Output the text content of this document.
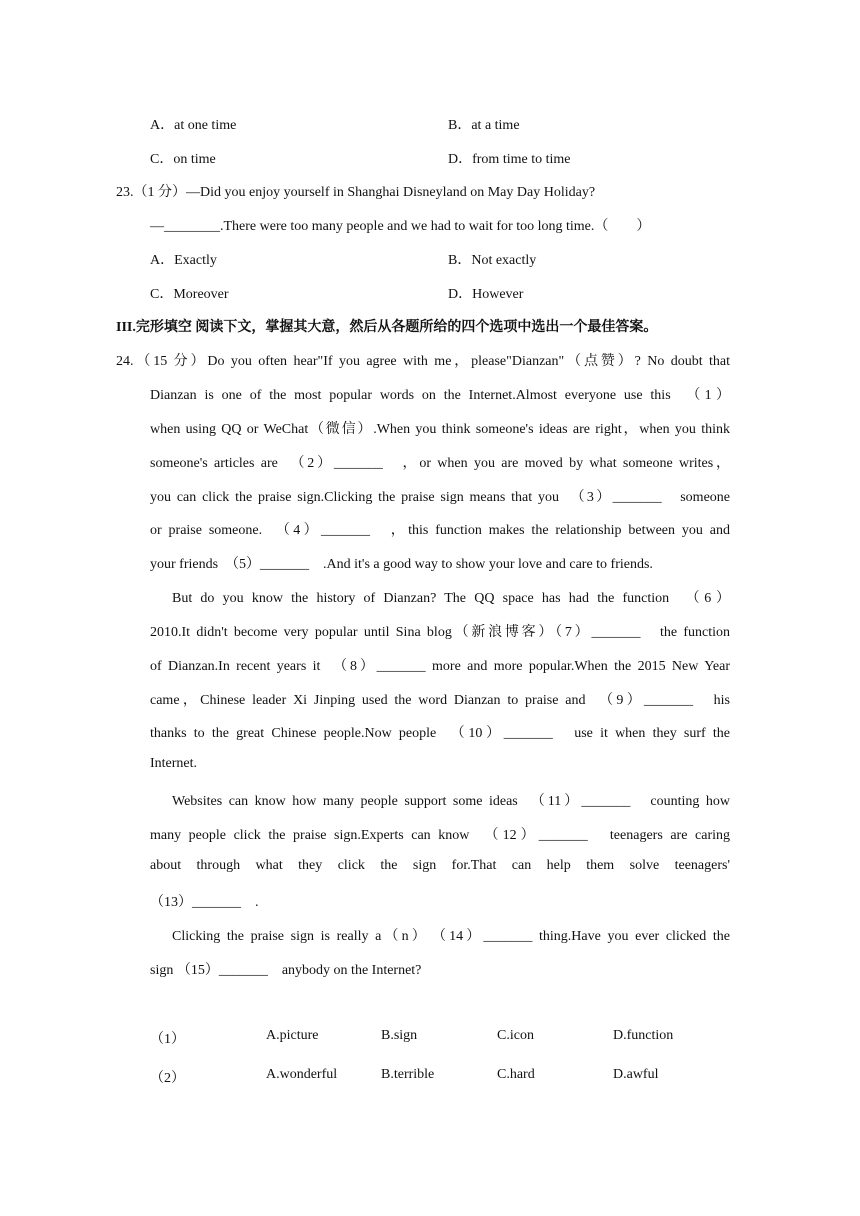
A．at one time	B．at a time
C．on time	D．from time to time
23.（1 分）—Did you enjoy yourself in Shanghai Disneyland on May Day Holiday?
—________.There were too many people and we had to wait for too long time.（　　）
A．Exactly	B．Not exactly
C．Moreover	D．However
III.完形填空 阅读下文，掌握其大意，然后从各题所给的四个选项中选出一个最佳答案。
24.（15 分）Do you often hear"If you agree with me，please"Dianzan"（点赞）? No doubt that
Dianzan is one of the most popular words on the Internet.Almost everyone use this　（1）
when using QQ or WeChat（微信）.When you think someone's ideas are right，when you think
someone's articles are　（2）_______　，or when you are moved by what someone writes，
you can click the praise sign.Clicking the praise sign means that you　（3）_______　someone
or praise someone.　（4）_______　，this function makes the relationship between you and
your friends　（5）_______　.And it's a good way to show your love and care to friends.
But do you know the history of Dianzan? The QQ space has had the function　（6）
2010.It didn't become very popular until Sina blog（新浪博客）（7）_______　the function
of Dianzan.In recent years it　（8）_______ more and more popular.When the 2015 New Year
came，Chinese leader Xi Jinping used the word Dianzan to praise and　（9）_______　his
thanks to the great Chinese people.Now people　（10）_______　use it when they surf the
Internet.
Websites can know how many people support some ideas　（11）_______　counting how
many people click the praise sign.Experts can know　（12）_______　teenagers are caring
about through what they click the sign for.That can help them solve teenagers'
（13）_______　.
Clicking the praise sign is really a（n）　（14）_______ thing.Have you ever clicked the
sign （15）_______　anybody on the Internet?
（1）	A.picture	B.sign	C.icon	D.function
（2）	A.wonderful	B.terrible	C.hard	D.awful
